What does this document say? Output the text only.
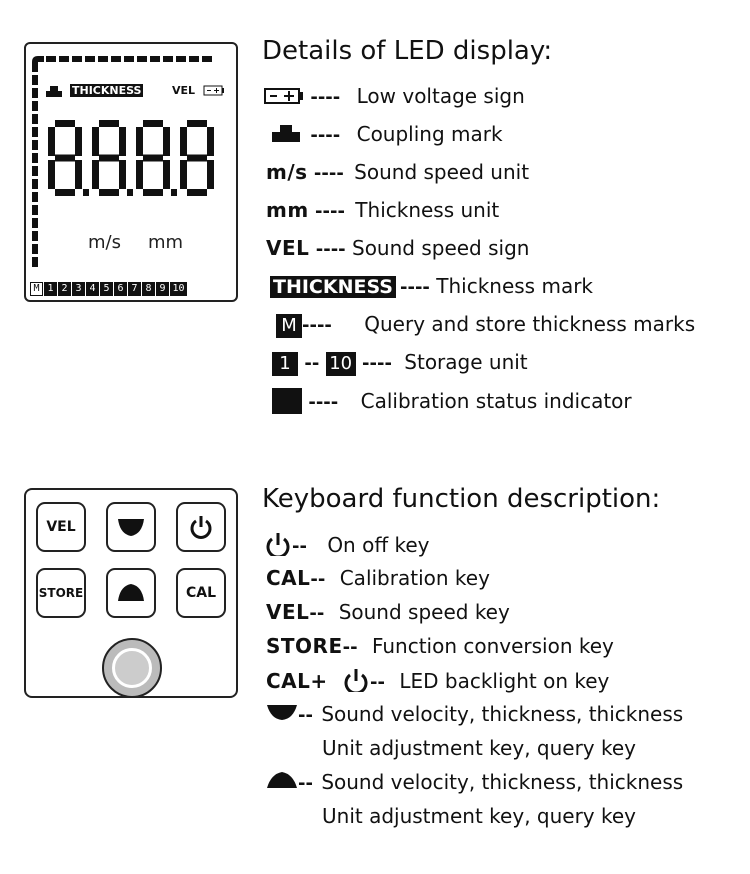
THICKNESS	VEL
m/s mm
M 1 2 3 4 5 6 7 8 9 10
Details of LED display:
---- Low voltage sign
---- Coupling mark
m/s ---- Sound speed unit
mm ---- Thickness unit
VEL ---- Sound speed sign
THICKNESS ---- Thickness mark
M ---- Query and store thickness marks
1 -- 10 ---- Storage unit
---- Calibration status indicator
VEL
STORE	CAL
Keyboard function description:
-- On off key
CAL-- Calibration key
VEL-- Sound speed key
STORE-- Function conversion key
CAL+ -- LED backlight on key
-- Sound velocity, thickness, thickness
Unit adjustment key, query key
-- Sound velocity, thickness, thickness
Unit adjustment key, query key
